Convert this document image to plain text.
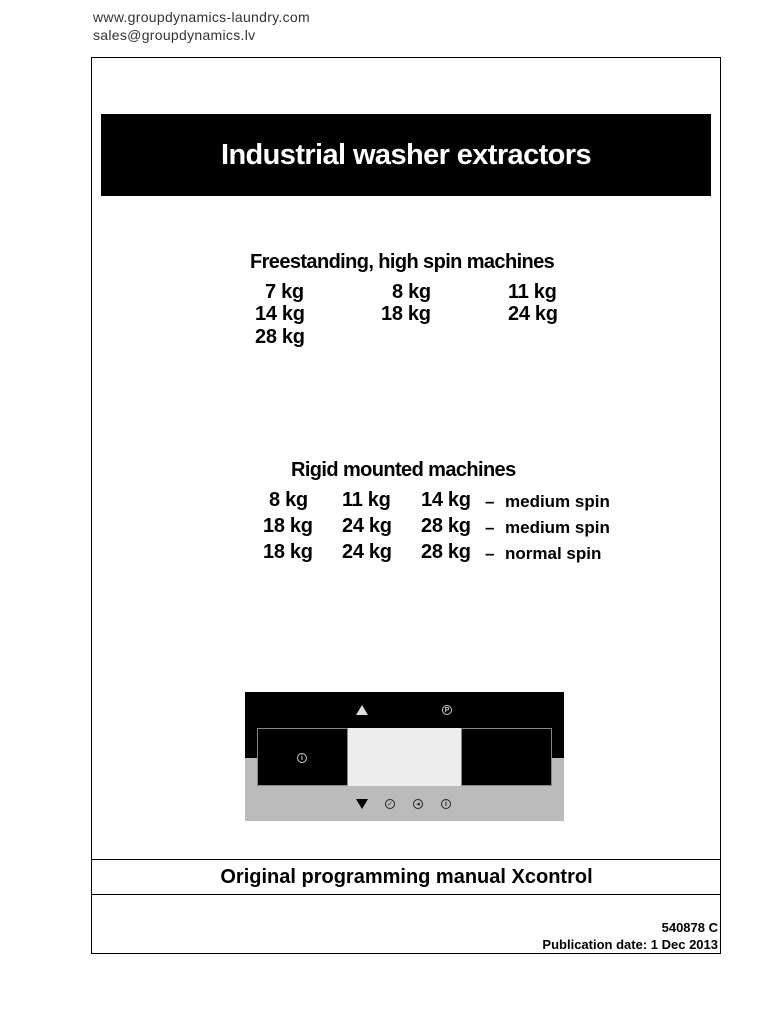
www.groupdynamics-laundry.com
sales@groupdynamics.lv
Industrial washer extractors
Freestanding, high spin machines
7 kg	8 kg	11 kg
14 kg	18 kg	24 kg
28 kg
Rigid mounted machines
8 kg 11 kg 14 kg – medium spin
18 kg 24 kg 28 kg – medium spin
18 kg 24 kg 28 kg – normal spin
P
i
✓	◂	i
Original programming manual Xcontrol
540878 C
Publication date: 1 Dec 2013
